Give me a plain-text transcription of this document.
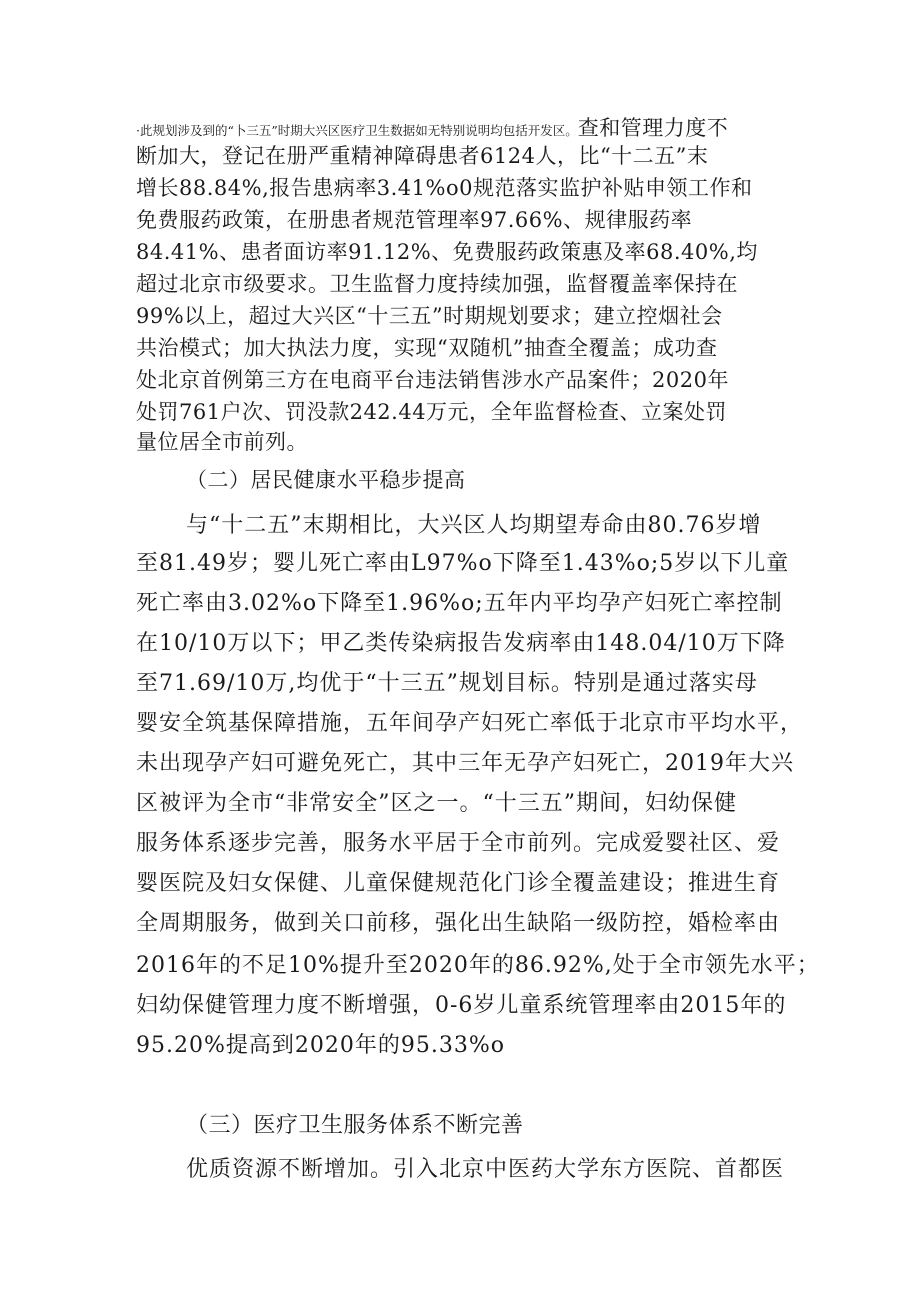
·此规划涉及到的“卜三五”时期大兴区医疗卫生数据如无特别说明均包括开发区。查和管理力度不
断加大，登记在册严重精神障碍患者6124人，比“十二五”末
增长88.84%,报告患病率3.41%o0规范落实监护补贴申领工作和
免费服药政策，在册患者规范管理率97.66%、规律服药率
84.41%、患者面访率91.12%、免费服药政策惠及率68.40%,均
超过北京市级要求。卫生监督力度持续加强，监督覆盖率保持在
99%以上，超过大兴区“十三五”时期规划要求；建立控烟社会
共治模式；加大执法力度，实现“双随机”抽查全覆盖；成功查
处北京首例第三方在电商平台违法销售涉水产品案件；2020年
处罚761户次、罚没款242.44万元，全年监督检查、立案处罚
量位居全市前列。
（二）居民健康水平稳步提高
与“十二五”末期相比，大兴区人均期望寿命由80.76岁增
至81.49岁；婴儿死亡率由L97%o下降至1.43%o;5岁以下儿童
死亡率由3.02%o下降至1.96%o;五年内平均孕产妇死亡率控制
在10/10万以下；甲乙类传染病报告发病率由148.04/10万下降
至71.69/10万,均优于“十三五”规划目标。特别是通过落实母
婴安全筑基保障措施，五年间孕产妇死亡率低于北京市平均水平，
未出现孕产妇可避免死亡，其中三年无孕产妇死亡，2019年大兴
区被评为全市“非常安全”区之一。“十三五”期间，妇幼保健
服务体系逐步完善，服务水平居于全市前列。完成爱婴社区、爱
婴医院及妇女保健、儿童保健规范化门诊全覆盖建设；推进生育
全周期服务，做到关口前移，强化出生缺陷一级防控，婚检率由
2016年的不足10%提升至2020年的86.92%,处于全市领先水平；
妇幼保健管理力度不断增强，0-6岁儿童系统管理率由2015年的
95.20%提高到2020年的95.33%o
（三）医疗卫生服务体系不断完善
优质资源不断增加。引入北京中医药大学东方医院、首都医
